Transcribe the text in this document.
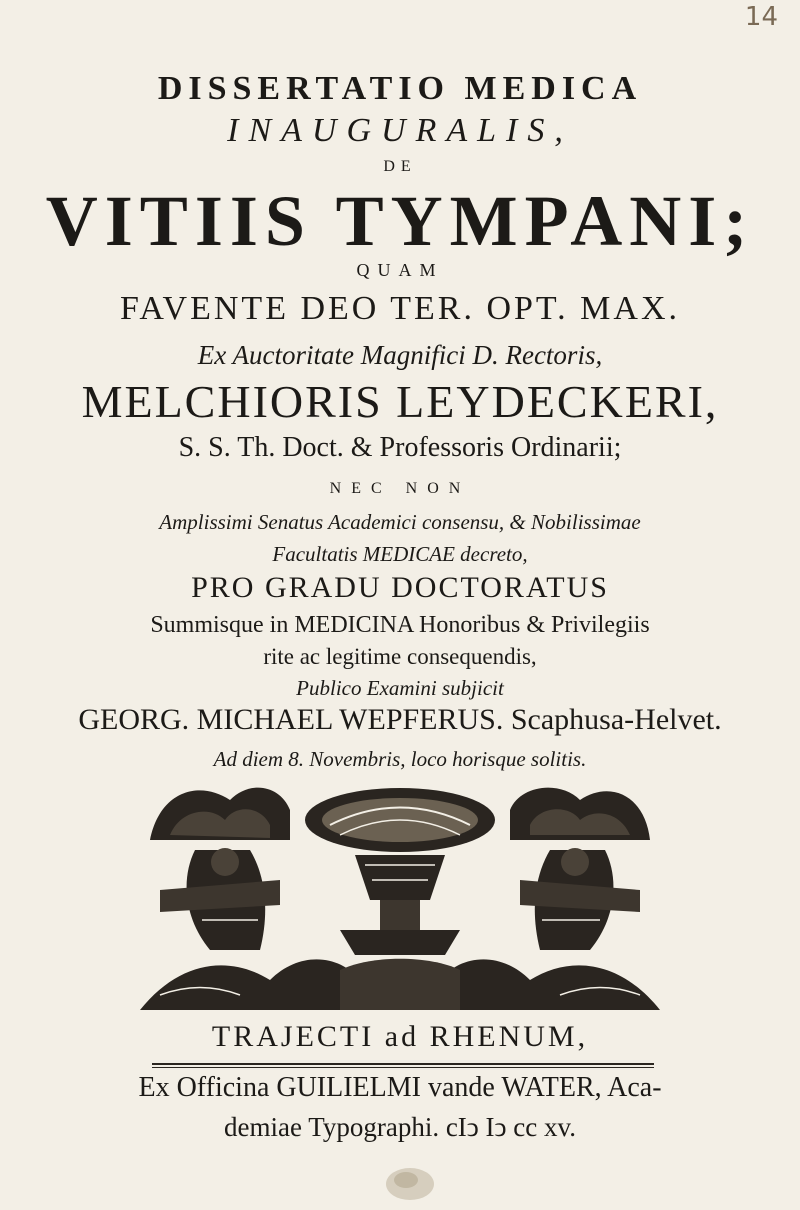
14
DISSERTATIO MEDICA
INAUGURALIS,
DE
VITIIS TYMPANI;
QUAM
FAVENTE DEO TER. OPT. MAX.
Ex Auctoritate Magnifici D. Rectoris,
MELCHIORIS LEYDECKERI,
S. S. Th. Doct. & Professoris Ordinarii;
NEC NON
Amplissimi Senatus Academici consensu, & Nobilissimae
Facultatis MEDICAE decreto,
PRO GRADU DOCTORATUS
Summisque in MEDICINA Honoribus & Privilegiis
rite ac legitime consequendis,
Publico Examini subjicit
GEORG. MICHAEL WEPFERUS. Scaphusa-Helvet.
Ad diem 8. Novembris, loco horisque solitis.
TRAJECTI ad RHENUM,
Ex Officina GUILIELMI vande WATER, Aca-
demiae Typographi. cIↄ Iↄ cc xv.
